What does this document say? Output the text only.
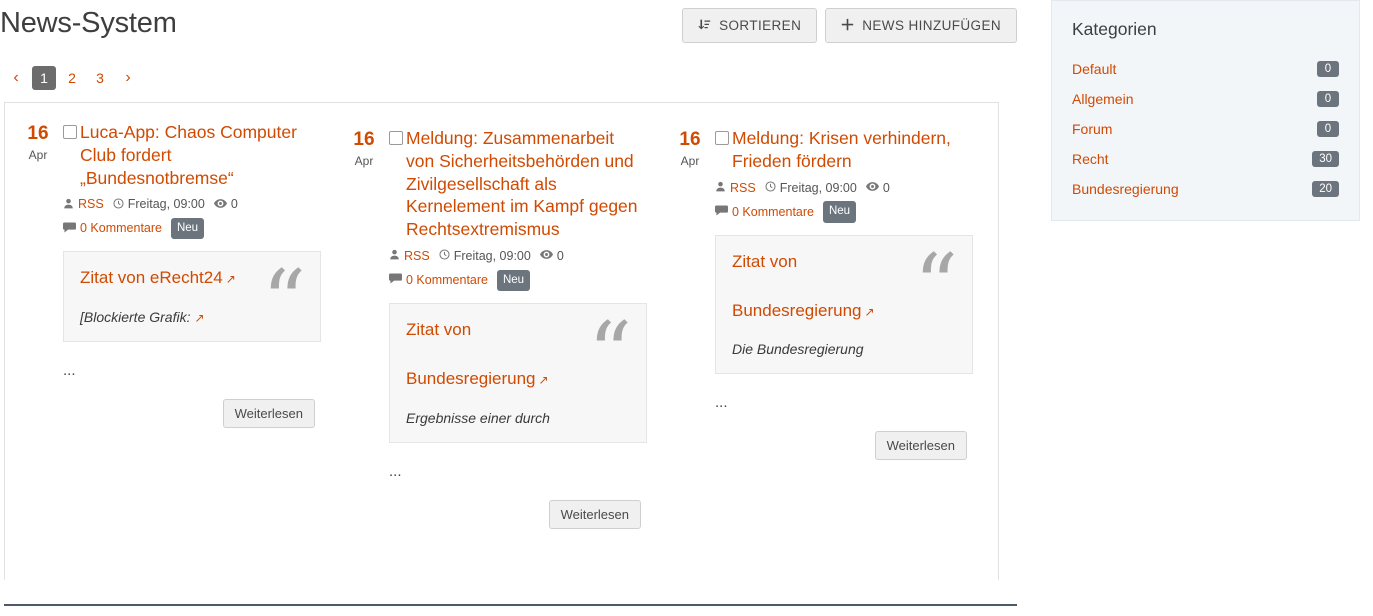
News-System	SORTIEREN	NEWS HINZUFÜGEN
‹	1	2	3	›
16
Apr
Luca-App: Chaos Computer Club fordert „Bundesnotbremse“
RSS Freitag, 09:00 0
0 Kommentare	Neu
Zitat von eRecht24 ↗ “
[Blockierte Grafik: ↗
...
Weiterlesen
16
Apr
Meldung: Zusammenarbeit von Sicherheitsbehörden und Zivilgesellschaft als Kernelement im Kampf gegen Rechtsextremismus
RSS Freitag, 09:00 0
0 Kommentare	Neu
Zitat von

Bundesregierung ↗ “
Ergebnisse einer durch
...
Weiterlesen
16
Apr
Meldung: Krisen verhindern, Frieden fördern
RSS Freitag, 09:00 0
0 Kommentare	Neu
Zitat von

Bundesregierung ↗ “
Die Bundesregierung
...
Weiterlesen
Kategorien
Default	0
Allgemein	0
Forum	0
Recht	30
Bundesregierung	20
